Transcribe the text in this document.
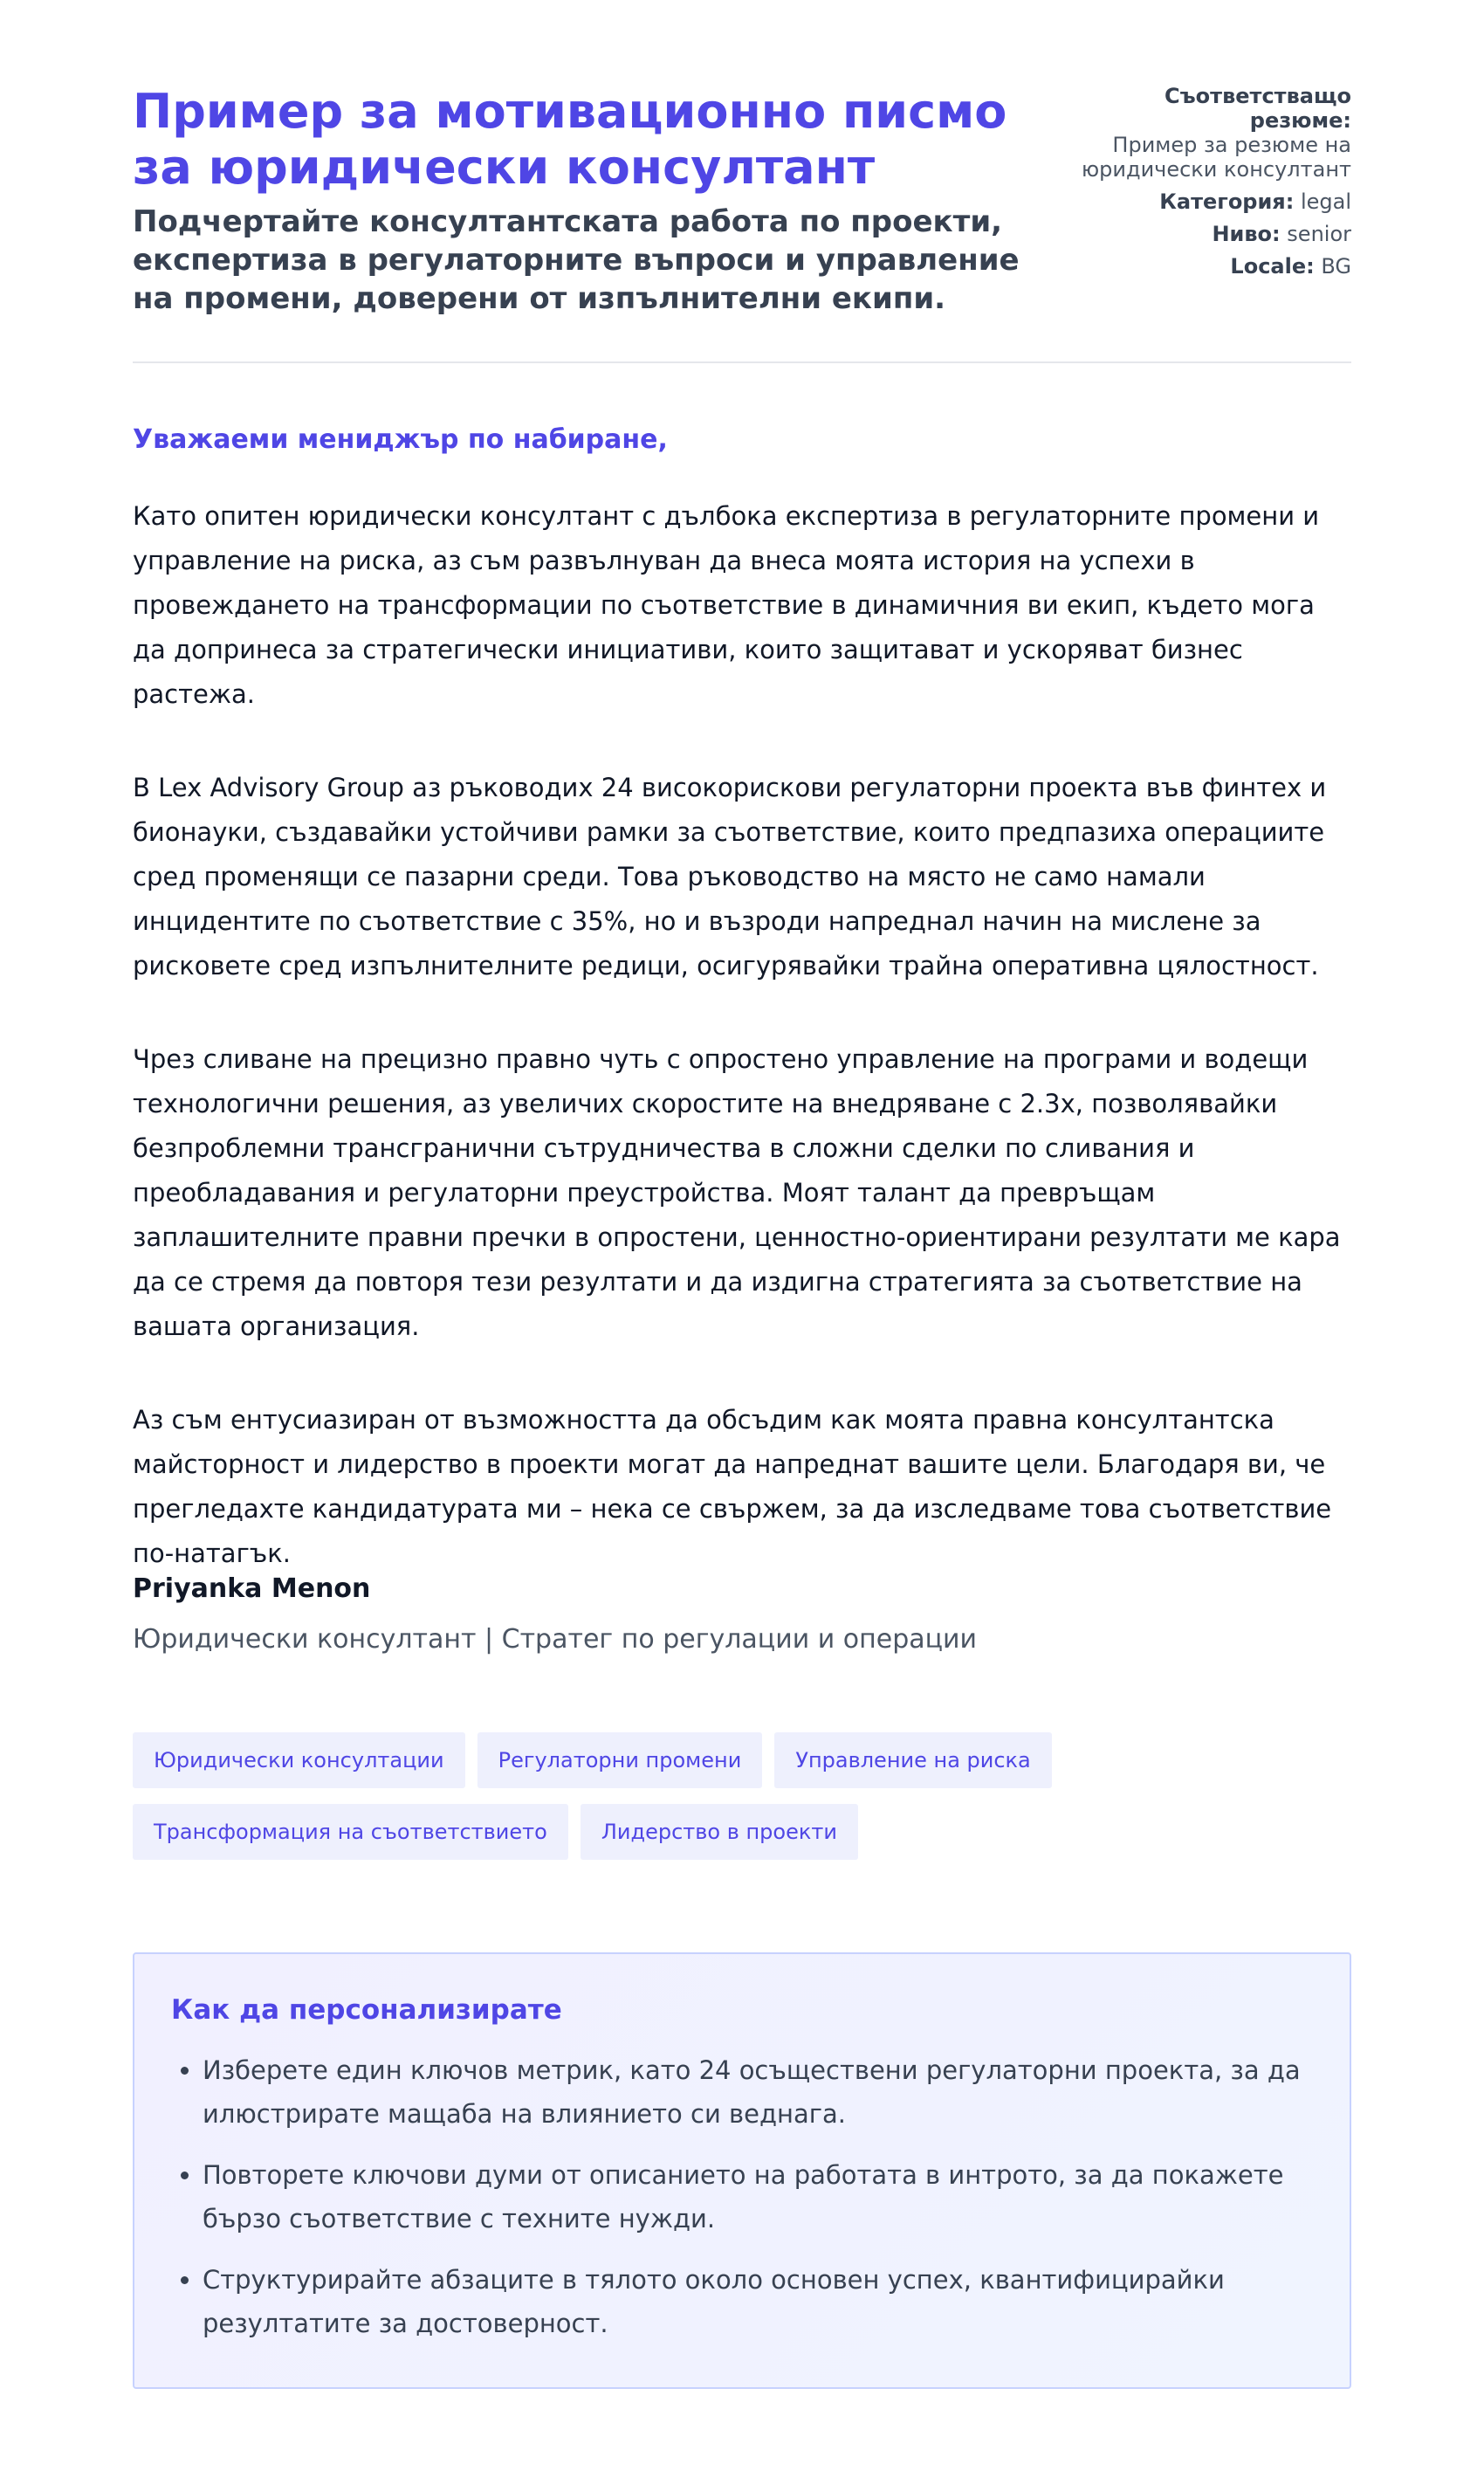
Пример за мотивационно писмо за юридически консултант

Подчертайте консултантската работа по проекти, експертиза в регулаторните въпроси и управление на промени, доверени от изпълнителни екипи.

Съответстващо резюме:
Пример за резюме на юридически консултант
Категория: legal
Ниво: senior
Locale: BG
Уважаеми мениджър по набиране,

Като опитен юридически консултант с дълбока експертиза в регулаторните промени и управление на риска, аз съм развълнуван да внеса моята история на успехи в провеждането на трансформации по съответствие в динамичния ви екип, където мога да допринеса за стратегически инициативи, които защитават и ускоряват бизнес растежа.

В Lex Advisory Group аз ръководих 24 високорискови регулаторни проекта във финтех и бионауки, създавайки устойчиви рамки за съответствие, които предпазиха операциите сред променящи се пазарни среди. Това ръководство на място не само намали инцидентите по съответствие с 35%, но и възроди напреднал начин на мислене за рисковете сред изпълнителните редици, осигурявайки трайна оперативна цялостност.

Чрез сливане на прецизно правно чуть с опростено управление на програми и водещи технологични решения, аз увеличих скоростите на внедряване с 2.3x, позволявайки безпроблемни трансгранични сътрудничества в сложни сделки по сливания и преобладавания и регулаторни преустройства. Моят талант да превръщам заплашителните правни пречки в опростени, ценностно-ориентирани резултати ме кара да се стремя да повторя тези резултати и да издигна стратегията за съответствие на вашата организация.

Аз съм ентусиазиран от възможността да обсъдим как моята правна консултантска майсторност и лидерство в проекти могат да напреднат вашите цели. Благодаря ви, че прегледахте кандидатурата ми – нека се свържем, за да изследваме това съответствие по-натагък.

Priyanka Menon
Юридически консултант | Стратег по регулации и операции
Юридически консултации	Регулаторни промени	Управление на риска
Трансформация на съответствието	Лидерство в проекти
Как да персонализирате
• Изберете един ключов метрик, като 24 осъществени регулаторни проекта, за да илюстрирате мащаба на влиянието си веднага.
• Повторете ключови думи от описанието на работата в интрото, за да покажете бързо съответствие с техните нужди.
• Структурирайте абзаците в тялото около основен успех, квантифицирайки резултатите за достоверност.
